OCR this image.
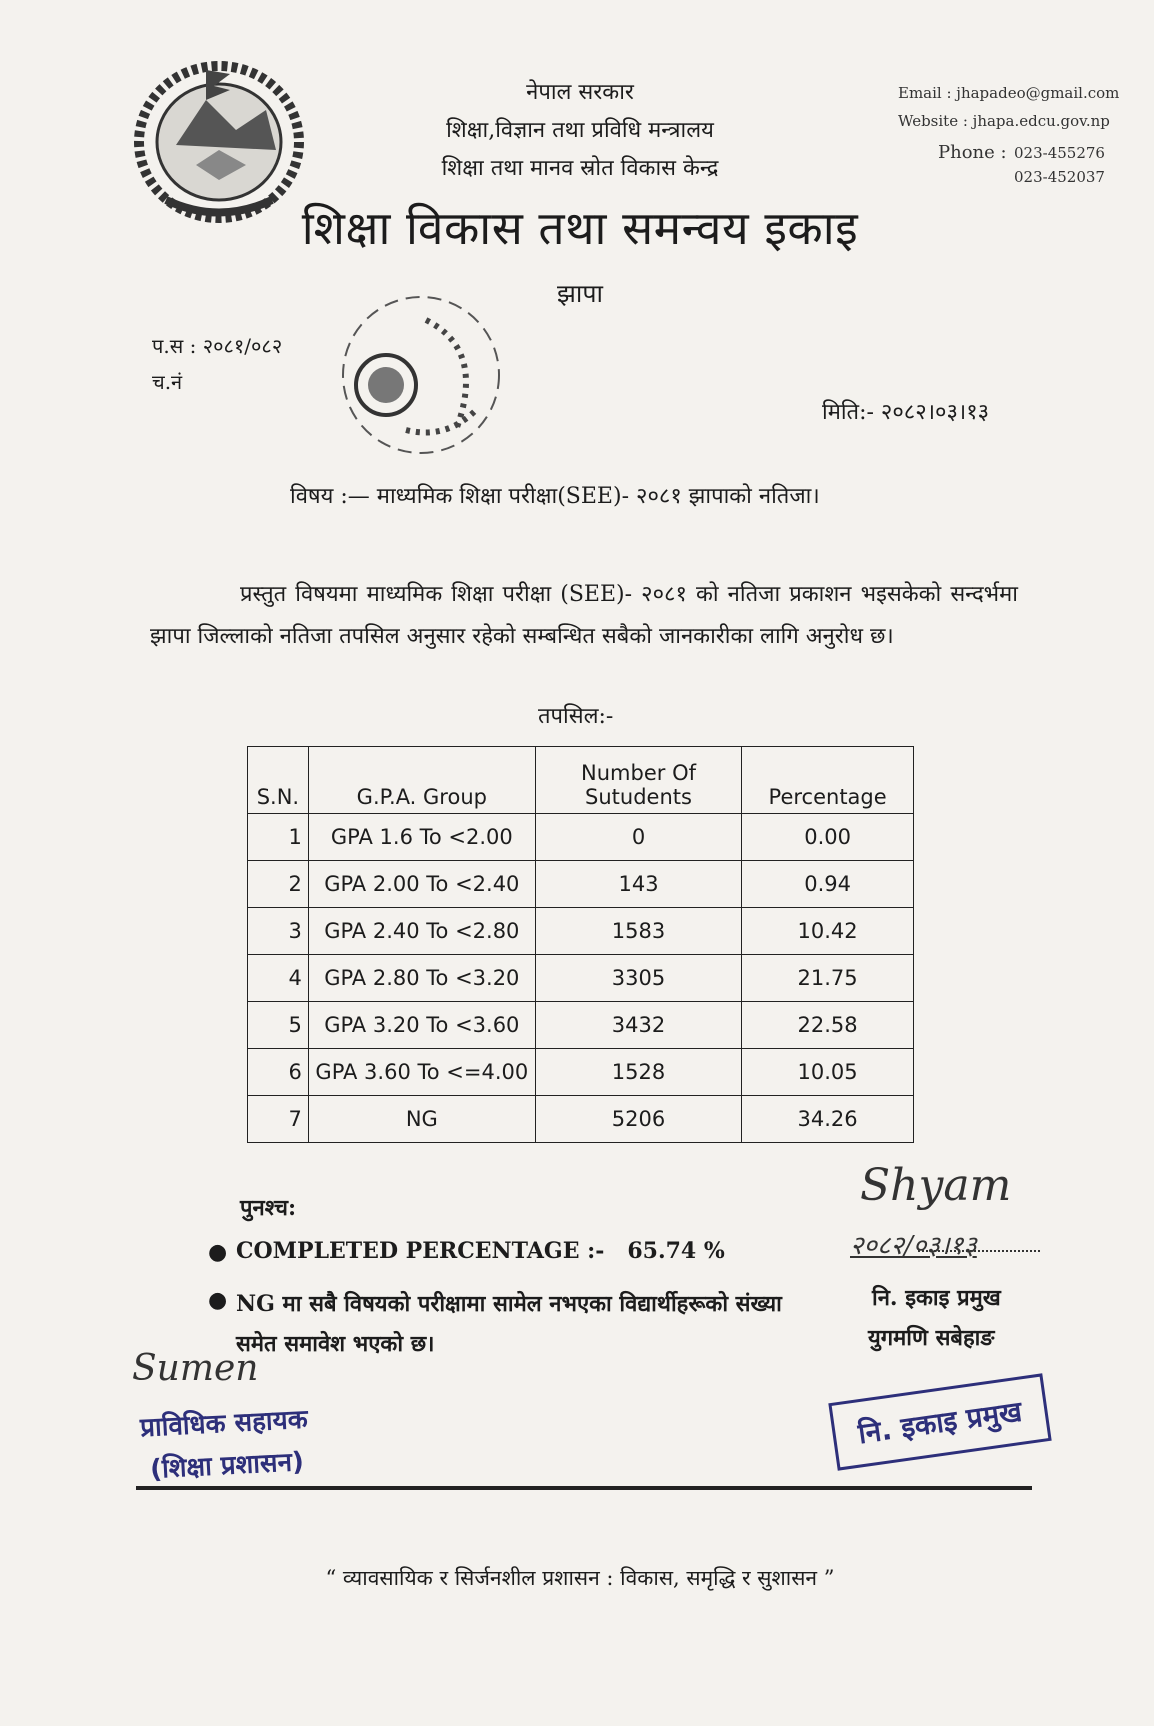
नेपाल सरकार
शिक्षा,विज्ञान तथा प्रविधि मन्त्रालय
शिक्षा तथा मानव स्रोत विकास केन्द्र
शिक्षा विकास तथा समन्वय इकाइ
झापा
Email : jhapadeo@gmail.com
Website : jhapa.edcu.gov.np
Phone : 023-455276
023-452037
प.स : २०८१/०८२
च.नं
मिति:- २०८२।०३।१३
विषय :— माध्यमिक शिक्षा परीक्षा(SEE)- २०८१ झापाको नतिजा।
प्रस्तुत विषयमा माध्यमिक शिक्षा परीक्षा (SEE)- २०८१ को नतिजा प्रकाशन भइसकेको सन्दर्भमा झापा जिल्लाको नतिजा तपसिल अनुसार रहेको सम्बन्धित सबैको जानकारीका लागि अनुरोध छ।
तपसिल:-
S.N.	G.P.A. Group	Number Of Sutudents	Percentage
1	GPA 1.6 To <2.00	0	0.00
2	GPA 2.00 To <2.40	143	0.94
3	GPA 2.40 To <2.80	1583	10.42
4	GPA 2.80 To <3.20	3305	21.75
5	GPA 3.20 To <3.60	3432	22.58
6	GPA 3.60 To <=4.00	1528	10.05
7	NG	5206	34.26
पुनश्च:
● COMPLETED PERCENTAGE :-   65.74 %
● NG मा सबै विषयको परीक्षामा सामेल नभएका विद्यार्थीहरूको संख्या समेत समावेश भएको छ।
Shyam
२०८२/०३।१३
नि. इकाइ प्रमुख
युगमणि सबेहाङ
नि. इकाइ प्रमुख
Sumen
प्राविधिक सहायक
(शिक्षा प्रशासन)
“ व्यावसायिक र सिर्जनशील प्रशासन : विकास, समृद्धि र सुशासन ”
